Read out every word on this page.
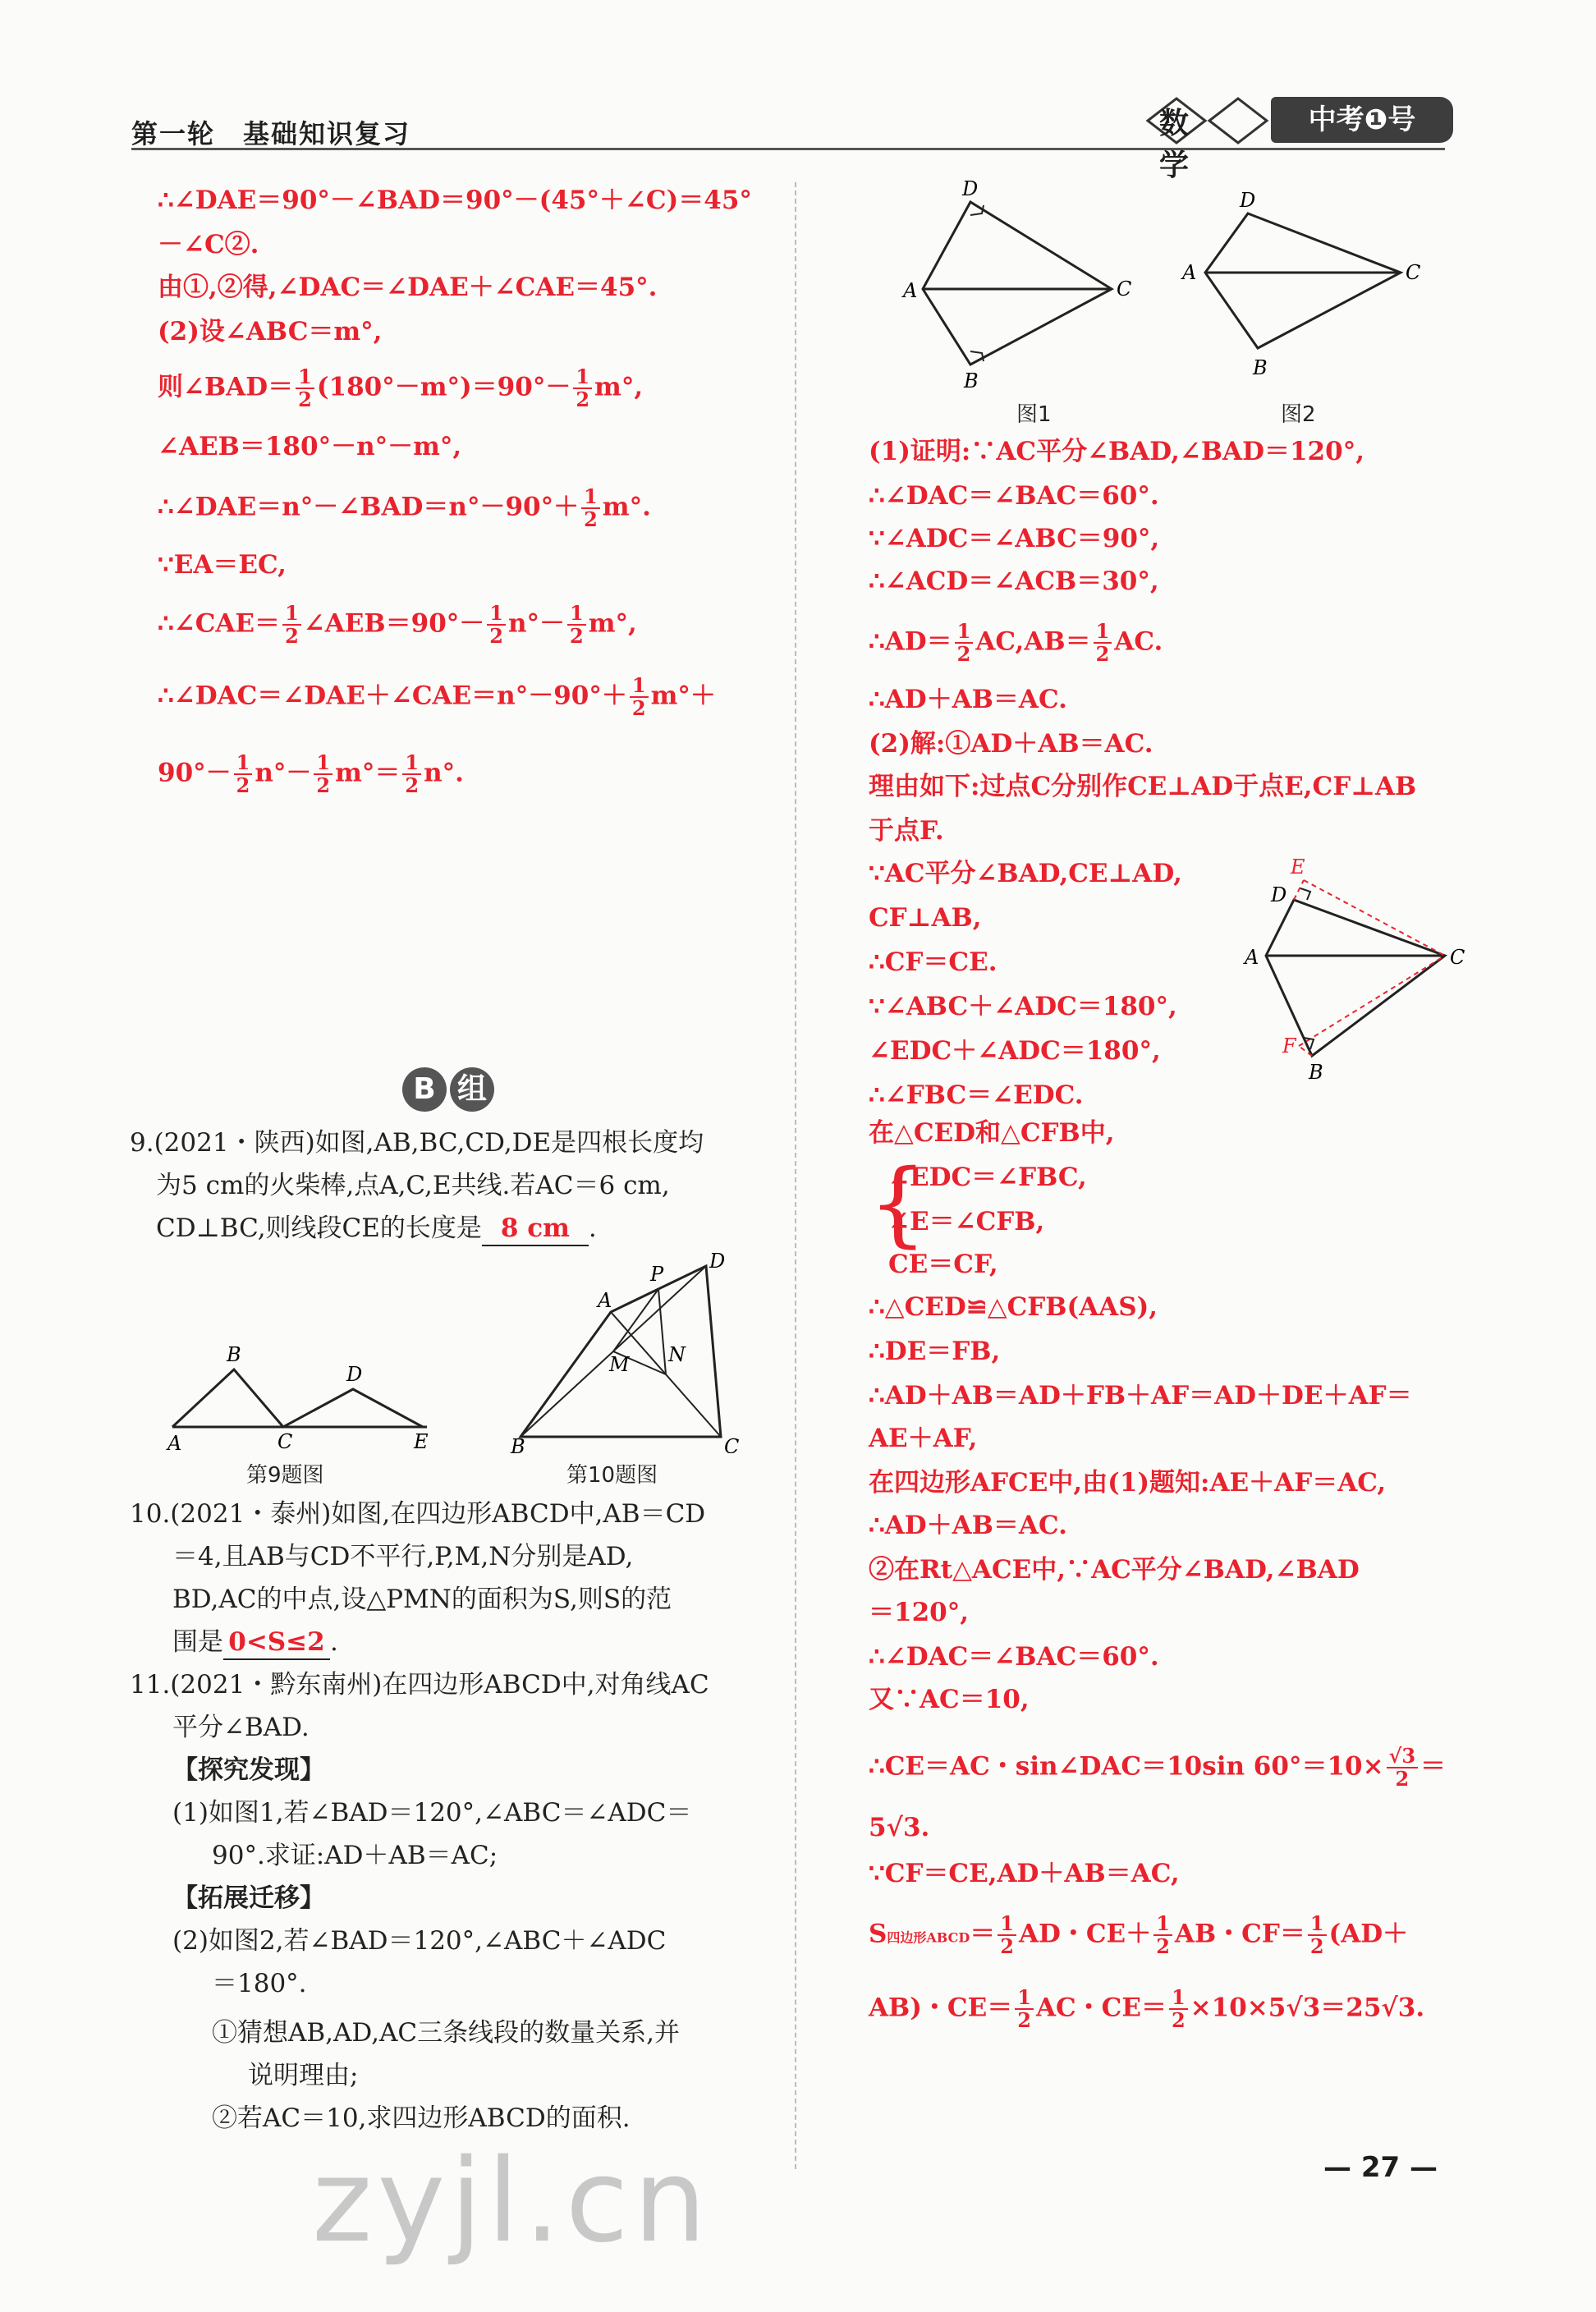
第一轮　基础知识复习	数学
中考❶号
∴∠DAE＝90°－∠BAD＝90°－(45°＋∠C)＝45°
－∠C②.
由①,②得,∠DAC＝∠DAE＋∠CAE＝45°.
(2)设∠ABC＝m°,
则∠BAD＝ $\frac{1}{2} (180^\circ-m^\circ)=90^\circ- \frac{1}{2} m^\circ$,
∠AEB＝180°－n°－m°,
∴∠DAE＝n°－∠BAD＝n°－90°＋ $\frac{1}{2} m^\circ$.
∵EA＝EC,
∴∠CAE＝ $\frac{1}{2}$ ∠AEB＝90°－ $\frac{1}{2} n^\circ- \frac{1}{2} m^\circ$,
∴∠DAC＝∠DAE＋∠CAE＝n°－90°＋ $\frac{1}{2} m^\circ+$
$90^\circ- \frac{1}{2} n^\circ- \frac{1}{2} m^\circ= \frac{1}{2} n^\circ$.
B 组
9.(2021・陕西)如图,AB,BC,CD,DE是四根长度均
为5 cm的火柴棒,点A,C,E共线.若AC＝6 cm,
CD⊥BC,则线段CE的长度是 8 cm .
A
B
C
D
E
第9题图
B
A
P
D
C
M N
第10题图
10.(2021・泰州)如图,在四边形ABCD中,AB＝CD
＝4,且AB与CD不平行,P,M,N分别是AD,
BD,AC的中点,设△PMN的面积为S,则S的范
围是 0<S≤2 .
11.(2021・黔东南州)在四边形ABCD中,对角线AC
平分∠BAD.
【探究发现】
(1)如图1,若∠BAD＝120°,∠ABC＝∠ADC＝
90°.求证:AD＋AB＝AC;
【拓展迁移】
(2)如图2,若∠BAD＝120°,∠ABC＋∠ADC
＝180°.
①猜想AB,AD,AC三条线段的数量关系,并
说明理由;
②若AC＝10,求四边形ABCD的面积.
D
A	C
B
图1
D
A	C
B
图2
(1)证明:∵AC平分∠BAD,∠BAD＝120°,
∴∠DAC＝∠BAC＝60°.
∵∠ADC＝∠ABC＝90°,
∴∠ACD＝∠ACB＝30°,
∴AD＝ $\frac{1}{2} AC,AB= \frac{1}{2}$ AC.
∴AD＋AB＝AC.
(2)解:①AD＋AB＝AC.
理由如下:过点C分别作CE⊥AD于点E,CF⊥AB
于点F.
∵AC平分∠BAD,CE⊥AD,
CF⊥AB,
∴CF＝CE.
∵∠ABC＋∠ADC＝180°,
∠EDC＋∠ADC＝180°,
∴∠FBC＝∠EDC.
在△CED和△CFB中,
E
D
A	C
F
B
{
∠EDC＝∠FBC,
∠E＝∠CFB,
CE＝CF,
∴△CED≌△CFB(AAS),
∴DE＝FB,
∴AD＋AB＝AD＋FB＋AF＝AD＋DE＋AF＝
AE＋AF,
在四边形AFCE中,由(1)题知:AE＋AF＝AC,
∴AD＋AB＝AC.
②在Rt△ACE中,∵AC平分∠BAD,∠BAD
＝120°,
∴∠DAC＝∠BAC＝60°.
又∵AC＝10,
∴CE＝AC・sin∠DAC＝10sin $60^\circ=10\times \frac{√3}{2}$ ＝
5√3.
∵CF＝CE,AD＋AB＝AC,
S四边形ABCD＝ $\frac{1}{2}$ AD・$CE+ \frac{1}{2}$ AB・$CF= \frac{1}{2} (AD+$
AB)・$CE= \frac{1}{2}$ AC・$CE= \frac{1}{2} \times 10\times 5√3=25√3$.
zyjl.cn	— 27 —
